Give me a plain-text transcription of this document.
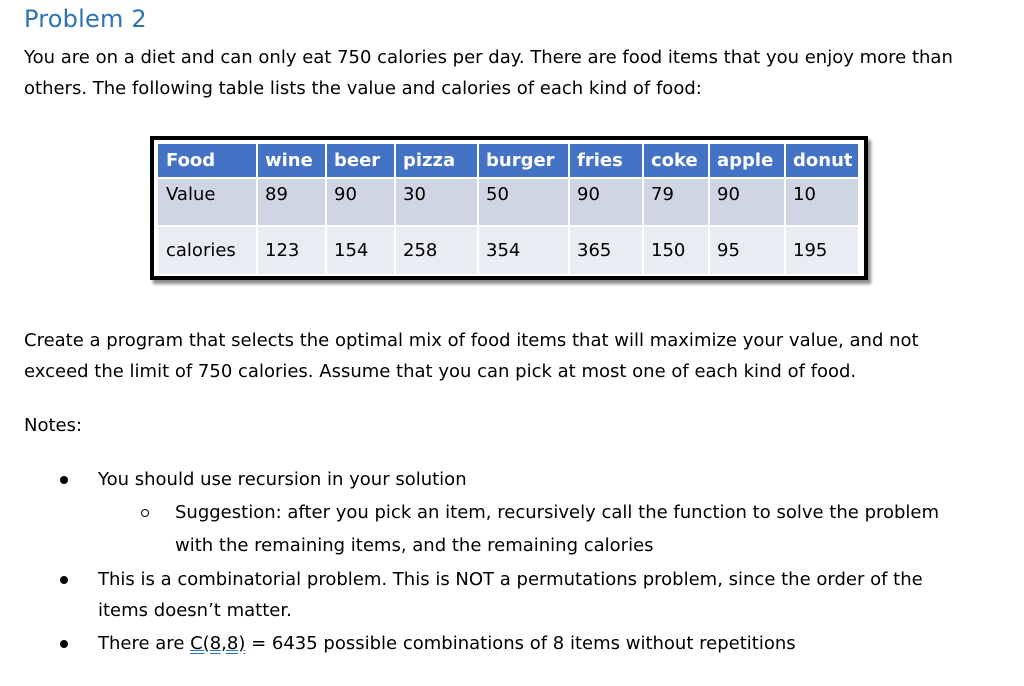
Problem 2
You are on a diet and can only eat 750 calories per day. There are food items that you enjoy more than
others. The following table lists the value and calories of each kind of food:
Food	wine	beer	pizza	burger	fries	coke	apple	donut
Value	89	90	30	50	90	79	90	10
calories	123	154	258	354	365	150	95	195
Create a program that selects the optimal mix of food items that will maximize your value, and not
exceed the limit of 750 calories. Assume that you can pick at most one of each kind of food.
Notes:
You should use recursion in your solution
Suggestion: after you pick an item, recursively call the function to solve the problem
with the remaining items, and the remaining calories
This is a combinatorial problem. This is NOT a permutations problem, since the order of the
items doesn’t matter.
There are C(8,8) = 6435 possible combinations of 8 items without repetitions
